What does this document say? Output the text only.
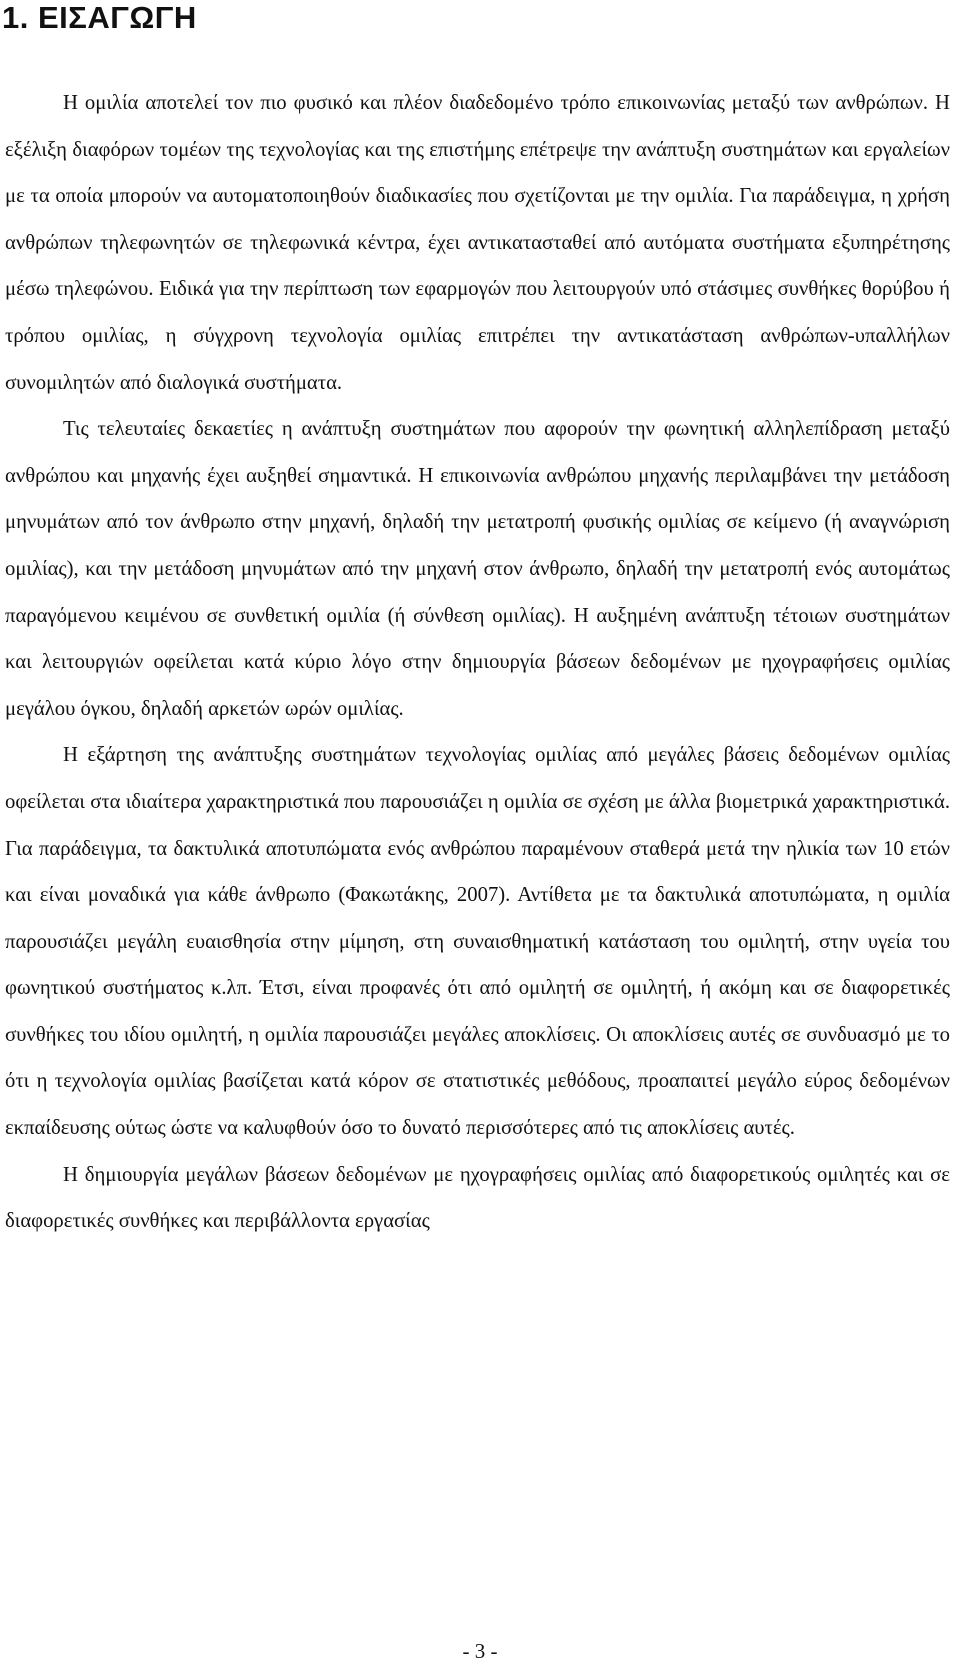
1. ΕΙΣΑΓΩΓΗ

Η ομιλία αποτελεί τον πιο φυσικό και πλέον διαδεδομένο τρόπο επικοινωνίας μεταξύ των ανθρώπων. Η εξέλιξη διαφόρων τομέων της τεχνολογίας και της επιστήμης επέτρεψε την ανάπτυξη συστημάτων και εργαλείων με τα οποία μπορούν να αυτοματοποιηθούν διαδικασίες που σχετίζονται με την ομιλία. Για παράδειγμα, η χρήση ανθρώπων τηλεφωνητών σε τηλεφωνικά κέντρα, έχει αντικατασταθεί από αυτόματα συστήματα εξυπηρέτησης μέσω τηλεφώνου. Ειδικά για την περίπτωση των εφαρμογών που λειτουργούν υπό στάσιμες συνθήκες θορύβου ή τρόπου ομιλίας, η σύγχρονη τεχνολογία ομιλίας επιτρέπει την αντικατάσταση ανθρώπων-υπαλλήλων συνομιλητών από διαλογικά συστήματα.

Τις τελευταίες δεκαετίες η ανάπτυξη συστημάτων που αφορούν την φωνητική αλληλεπίδραση μεταξύ ανθρώπου και μηχανής έχει αυξηθεί σημαντικά. Η επικοινωνία ανθρώπου μηχανής περιλαμβάνει την μετάδοση μηνυμάτων από τον άνθρωπο στην μηχανή, δηλαδή την μετατροπή φυσικής ομιλίας σε κείμενο (ή αναγνώριση ομιλίας), και την μετάδοση μηνυμάτων από την μηχανή στον άνθρωπο, δηλαδή την μετατροπή ενός αυτομάτως παραγόμενου κειμένου σε συνθετική ομιλία (ή σύνθεση ομιλίας). Η αυξημένη ανάπτυξη τέτοιων συστημάτων και λειτουργιών οφείλεται κατά κύριο λόγο στην δημιουργία βάσεων δεδομένων με ηχογραφήσεις ομιλίας μεγάλου όγκου, δηλαδή αρκετών ωρών ομιλίας.

Η εξάρτηση της ανάπτυξης συστημάτων τεχνολογίας ομιλίας από μεγάλες βάσεις δεδομένων ομιλίας οφείλεται στα ιδιαίτερα χαρακτηριστικά που παρουσιάζει η ομιλία σε σχέση με άλλα βιομετρικά χαρακτηριστικά. Για παράδειγμα, τα δακτυλικά αποτυπώματα ενός ανθρώπου παραμένουν σταθερά μετά την ηλικία των 10 ετών και είναι μοναδικά για κάθε άνθρωπο (Φακωτάκης, 2007). Αντίθετα με τα δακτυλικά αποτυπώματα, η ομιλία παρουσιάζει μεγάλη ευαισθησία στην μίμηση, στη συναισθηματική κατάσταση του ομιλητή, στην υγεία του φωνητικού συστήματος κ.λπ. Έτσι, είναι προφανές ότι από ομιλητή σε ομιλητή, ή ακόμη και σε διαφορετικές συνθήκες του ιδίου ομιλητή, η ομιλία παρουσιάζει μεγάλες αποκλίσεις. Οι αποκλίσεις αυτές σε συνδυασμό με το ότι η τεχνολογία ομιλίας βασίζεται κατά κόρον σε στατιστικές μεθόδους, προαπαιτεί μεγάλο εύρος δεδομένων εκπαίδευσης ούτως ώστε να καλυφθούν όσο το δυνατό περισσότερες από τις αποκλίσεις αυτές.

Η δημιουργία μεγάλων βάσεων δεδομένων με ηχογραφήσεις ομιλίας από διαφορετικούς ομιλητές και σε διαφορετικές συνθήκες και περιβάλλοντα εργασίας

- 3 -
